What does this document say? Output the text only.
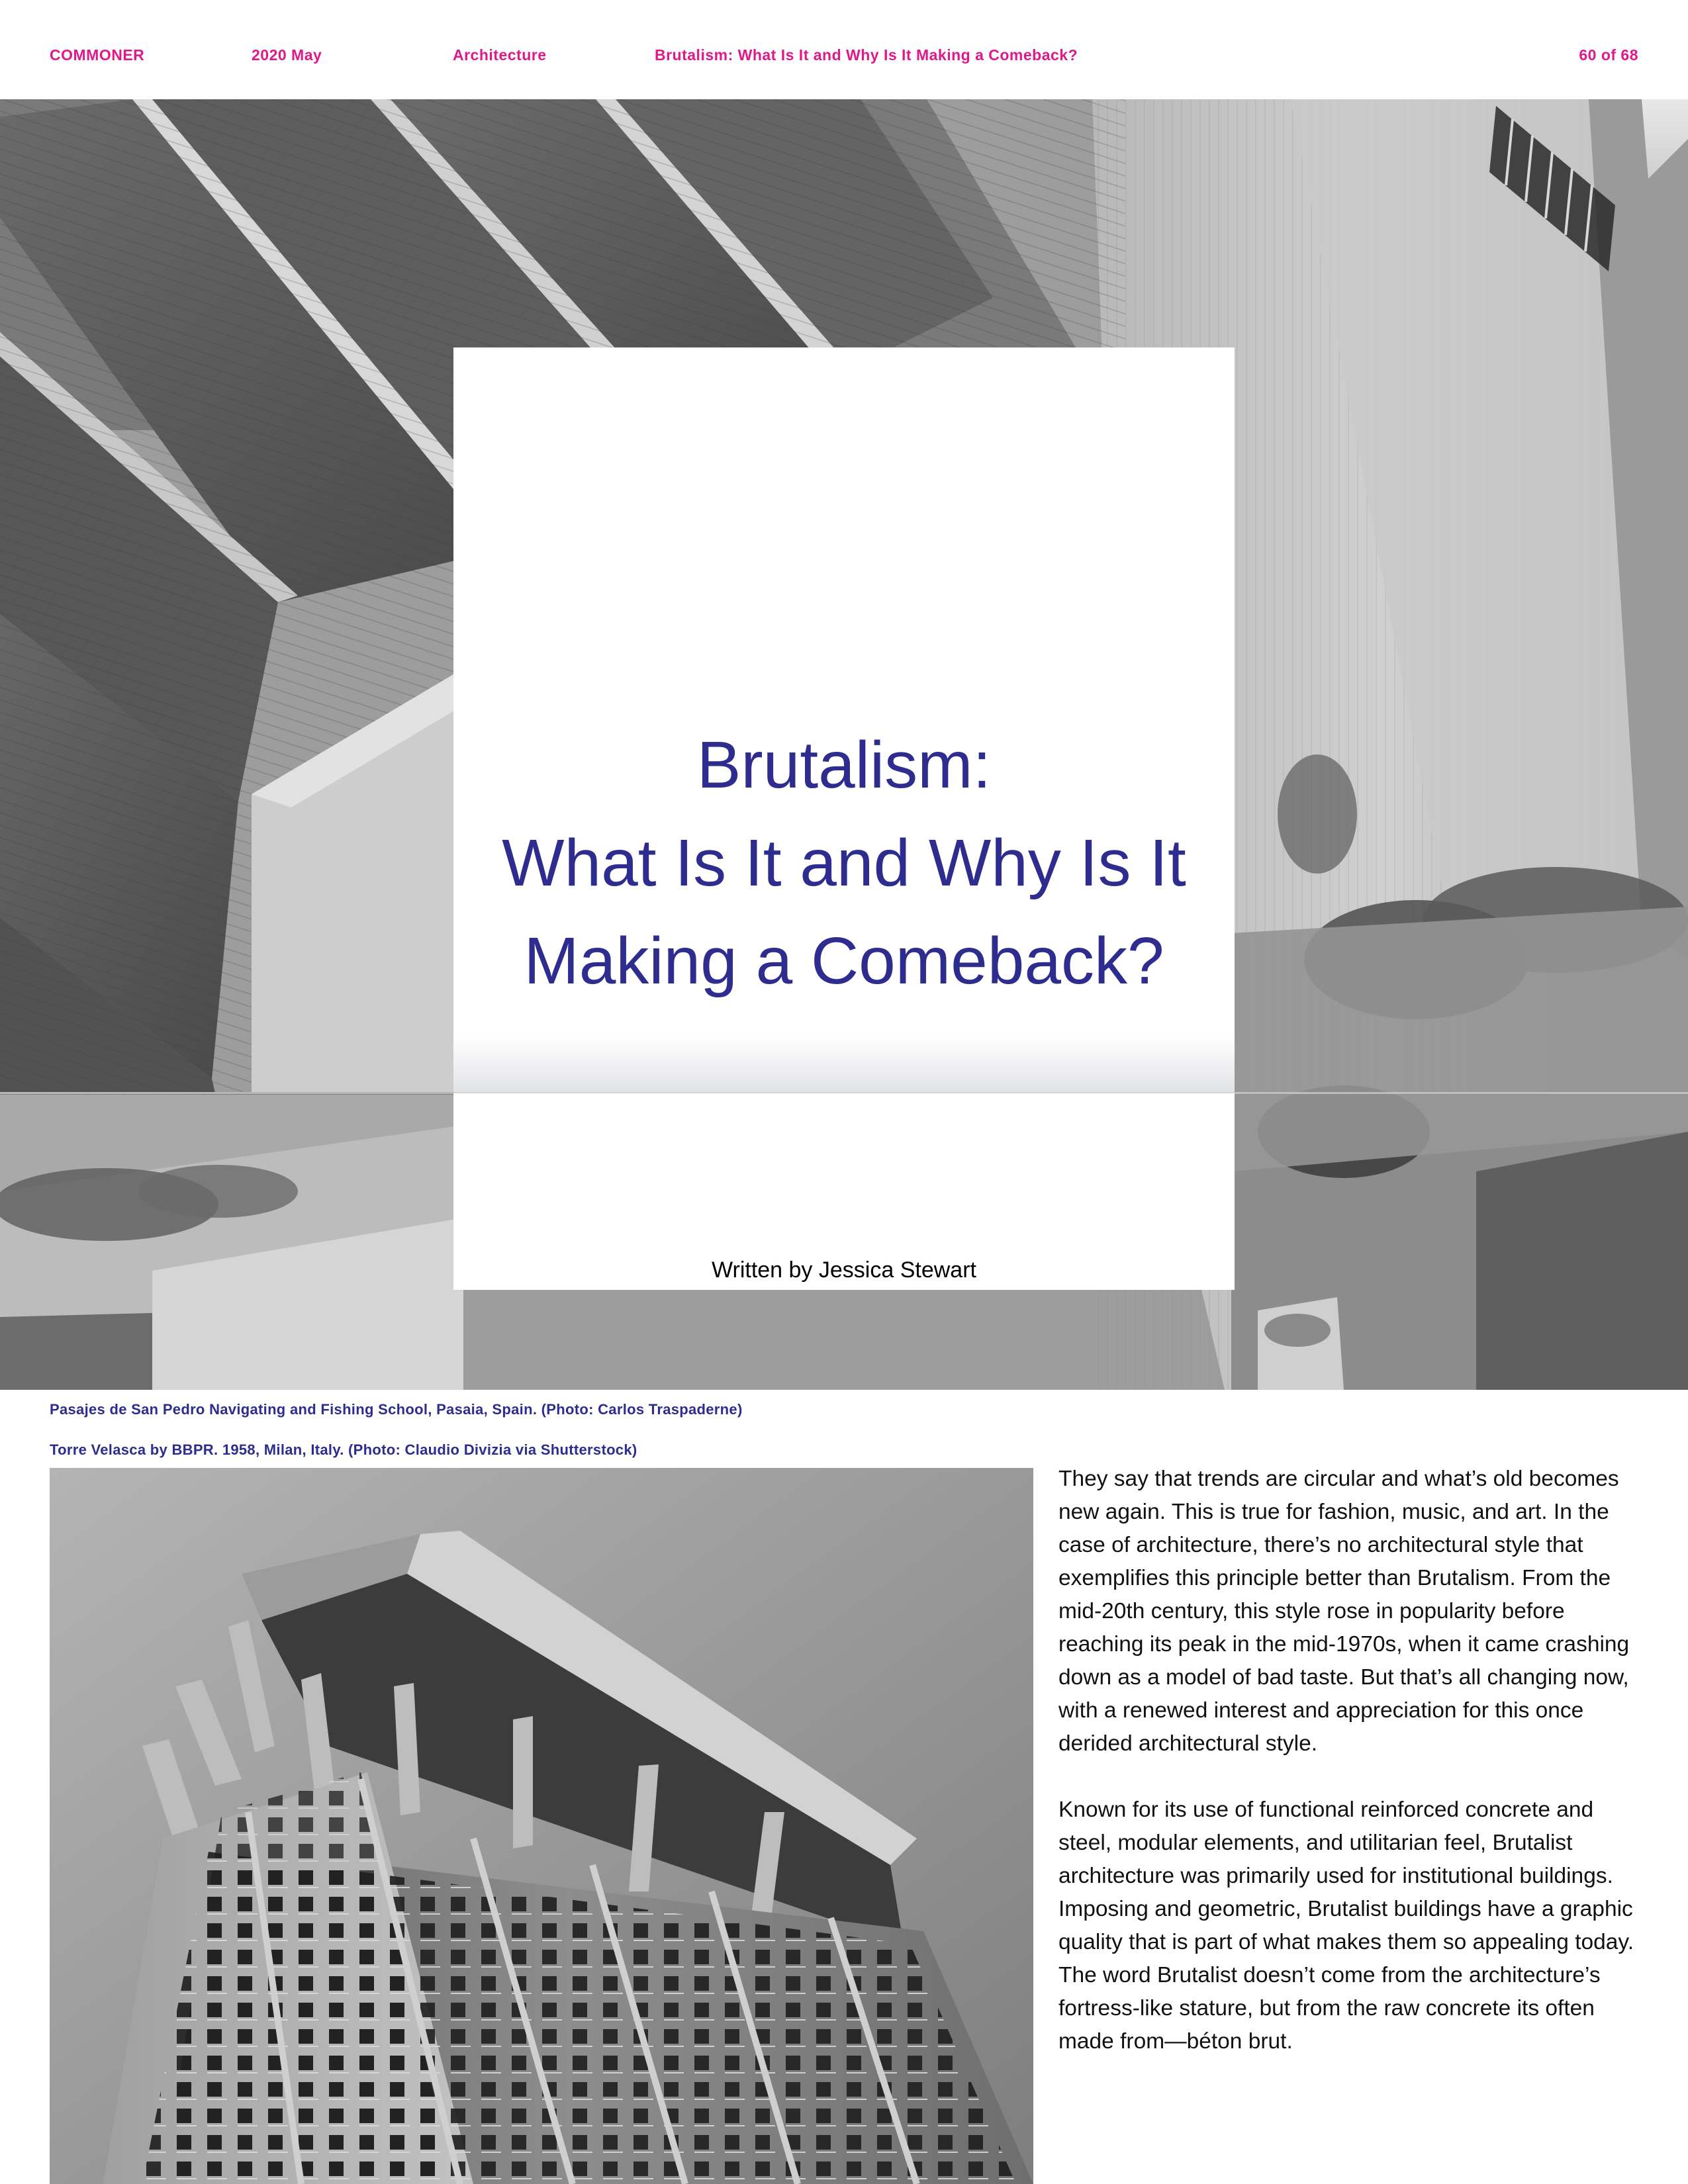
COMMONER	2020 May	Architecture	Brutalism: What Is It and Why Is It Making a Comeback?	60 of 68
Brutalism:
What Is It and Why Is It
Making a Comeback?
Written by Jessica Stewart
Pasajes de San Pedro Navigating and Fishing School, Pasaia, Spain. (Photo: Carlos Traspaderne)
Torre Velasca by BBPR. 1958, Milan, Italy. (Photo: Claudio Divizia via Shutterstock)

They say that trends are circular and what’s old becomes new again. This is true for fashion, music, and art. In the case of architecture, there’s no architectural style that exemplifies this principle better than Brutalism. From the mid-20th century, this style rose in popularity before reaching its peak in the mid-1970s, when it came crashing down as a model of bad taste. But that’s all changing now, with a renewed interest and appreciation for this once derided architectural style.

Known for its use of functional reinforced concrete and steel, modular elements, and utilitarian feel, Brutalist architecture was primarily used for institutional buildings. Imposing and geometric, Brutalist buildings have a graphic quality that is part of what makes them so appealing today. The word Brutalist doesn’t come from the architecture’s fortress-like stature, but from the raw concrete its often made from—béton brut.
